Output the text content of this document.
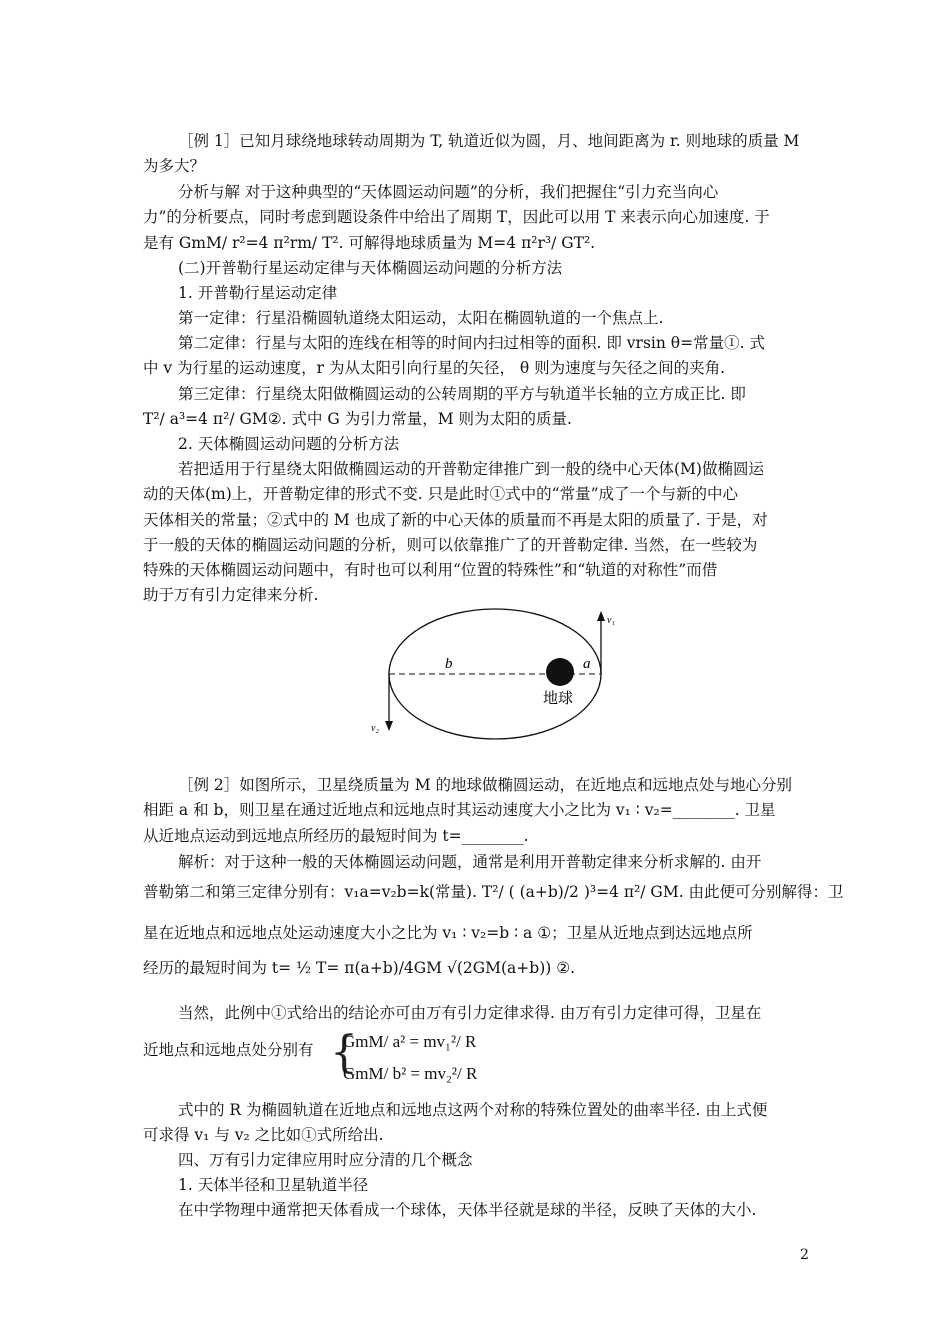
［例 1］已知月球绕地球转动周期为 T, 轨道近似为圆，月、地间距离为 r. 则地球的质量 M
为多大？
分析与解 对于这种典型的“天体圆运动问题”的分析，我们把握住“引力充当向心
力”的分析要点，同时考虑到题设条件中给出了周期 T，因此可以用 T 来表示向心加速度. 于
是有 GmM/ r²=4 π²rm/ T². 可解得地球质量为 M=4 π²r³/ GT².
(二)开普勒行星运动定律与天体椭圆运动问题的分析方法
1. 开普勒行星运动定律
第一定律：行星沿椭圆轨道绕太阳运动，太阳在椭圆轨道的一个焦点上.
第二定律：行星与太阳的连线在相等的时间内扫过相等的面积. 即 vrsin θ=常量①. 式
中 v 为行星的运动速度，r 为从太阳引向行星的矢径， θ 则为速度与矢径之间的夹角.
第三定律：行星绕太阳做椭圆运动的公转周期的平方与轨道半长轴的立方成正比. 即
T²/ a³=4 π²/ GM②. 式中 G 为引力常量，M 则为太阳的质量.
2. 天体椭圆运动问题的分析方法
若把适用于行星绕太阳做椭圆运动的开普勒定律推广到一般的绕中心天体(M)做椭圆运
动的天体(m)上，开普勒定律的形式不变. 只是此时①式中的“常量”成了一个与新的中心
天体相关的常量；②式中的 M 也成了新的中心天体的质量而不再是太阳的质量了. 于是，对
于一般的天体的椭圆运动问题的分析，则可以依靠推广了的开普勒定律. 当然，在一些较为
特殊的天体椭圆运动问题中，有时也可以利用“位置的特殊性”和“轨道的对称性”而借
助于万有引力定律来分析.
b	a
地球
v₁
v₂
［例 2］如图所示，卫星绕质量为 M 的地球做椭圆运动，在近地点和远地点处与地心分别
相距 a 和 b，则卫星在通过近地点和远地点时其运动速度大小之比为 v₁ ∶ v₂=________. 卫星
从近地点运动到远地点所经历的最短时间为 t=________.
解析：对于这种一般的天体椭圆运动问题，通常是利用开普勒定律来分析求解的. 由开
普勒第二和第三定律分别有：v₁a=v₂b=k(常量). T²/ ( (a+b)/2 )³=4 π²/ GM. 由此便可分别解得：卫
星在近地点和远地点处运动速度大小之比为 v₁ ∶ v₂=b ∶ a ①；卫星从近地点到达远地点所
经历的最短时间为 t= ½ T= π(a+b)/4GM √(2GM(a+b)) ②.
当然，此例中①式给出的结论亦可由万有引力定律求得. 由万有引力定律可得，卫星在
近地点和远地点处分别有 {
GmM/ a² = mv₁²/ R
GmM/ b² = mv₂²/ R
式中的 R 为椭圆轨道在近地点和远地点这两个对称的特殊位置处的曲率半径. 由上式便
可求得 v₁ 与 v₂ 之比如①式所给出.
四、万有引力定律应用时应分清的几个概念
1. 天体半径和卫星轨道半径
在中学物理中通常把天体看成一个球体，天体半径就是球的半径，反映了天体的大小.
2
